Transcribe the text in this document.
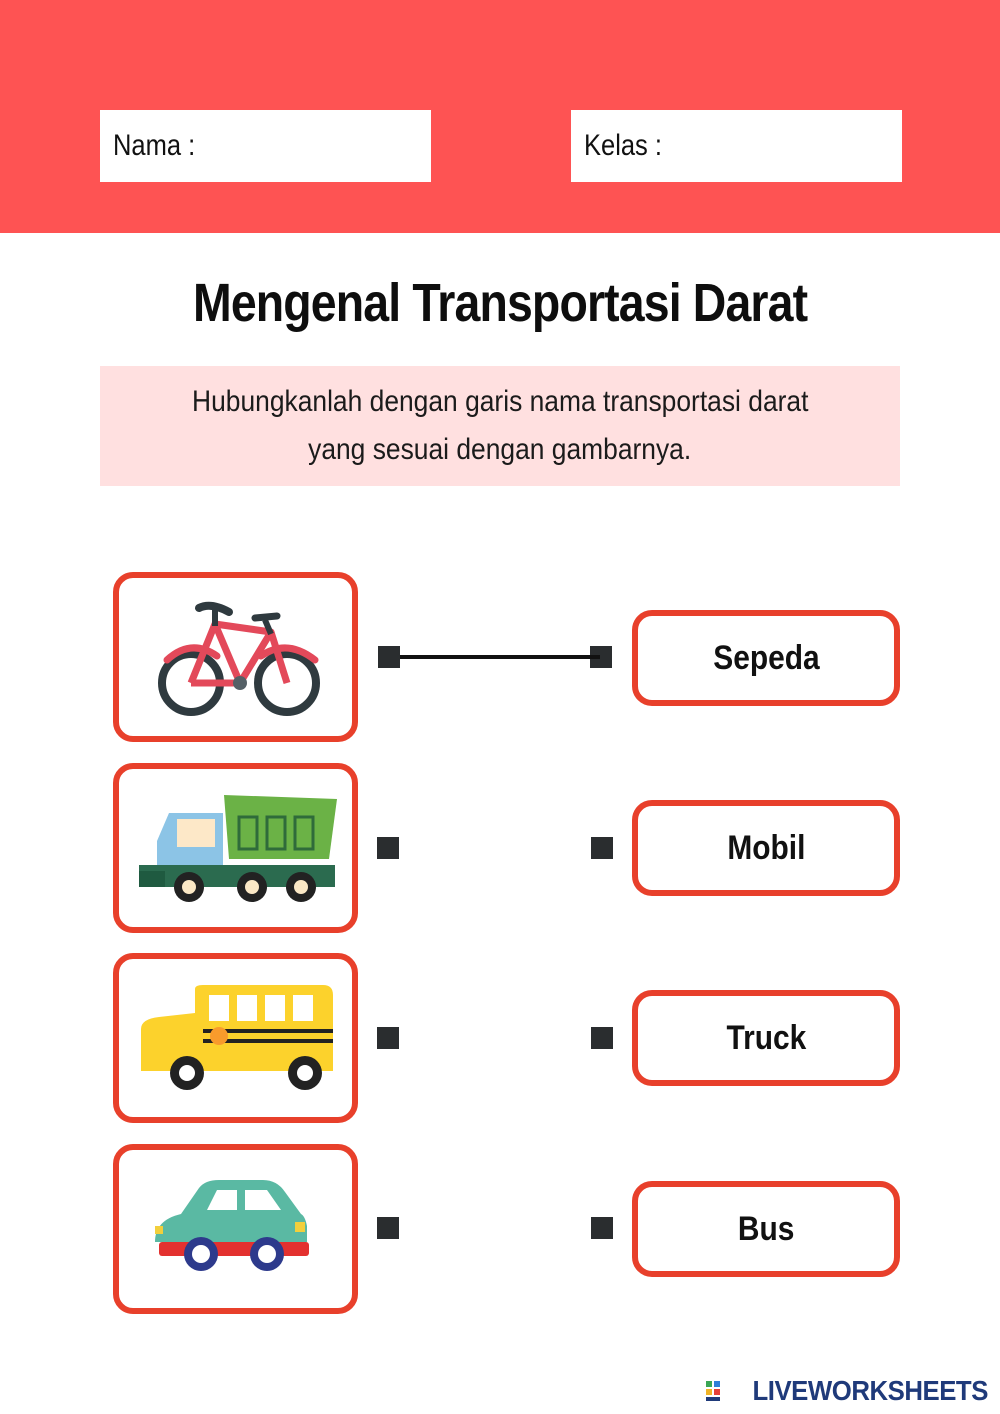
Nama :	Kelas :
Mengenal Transportasi Darat
Hubungkanlah dengan garis nama transportasi darat
yang sesuai dengan gambarnya.
Sepeda
Mobil
Truck
Bus
LIVEWORKSHEETS
